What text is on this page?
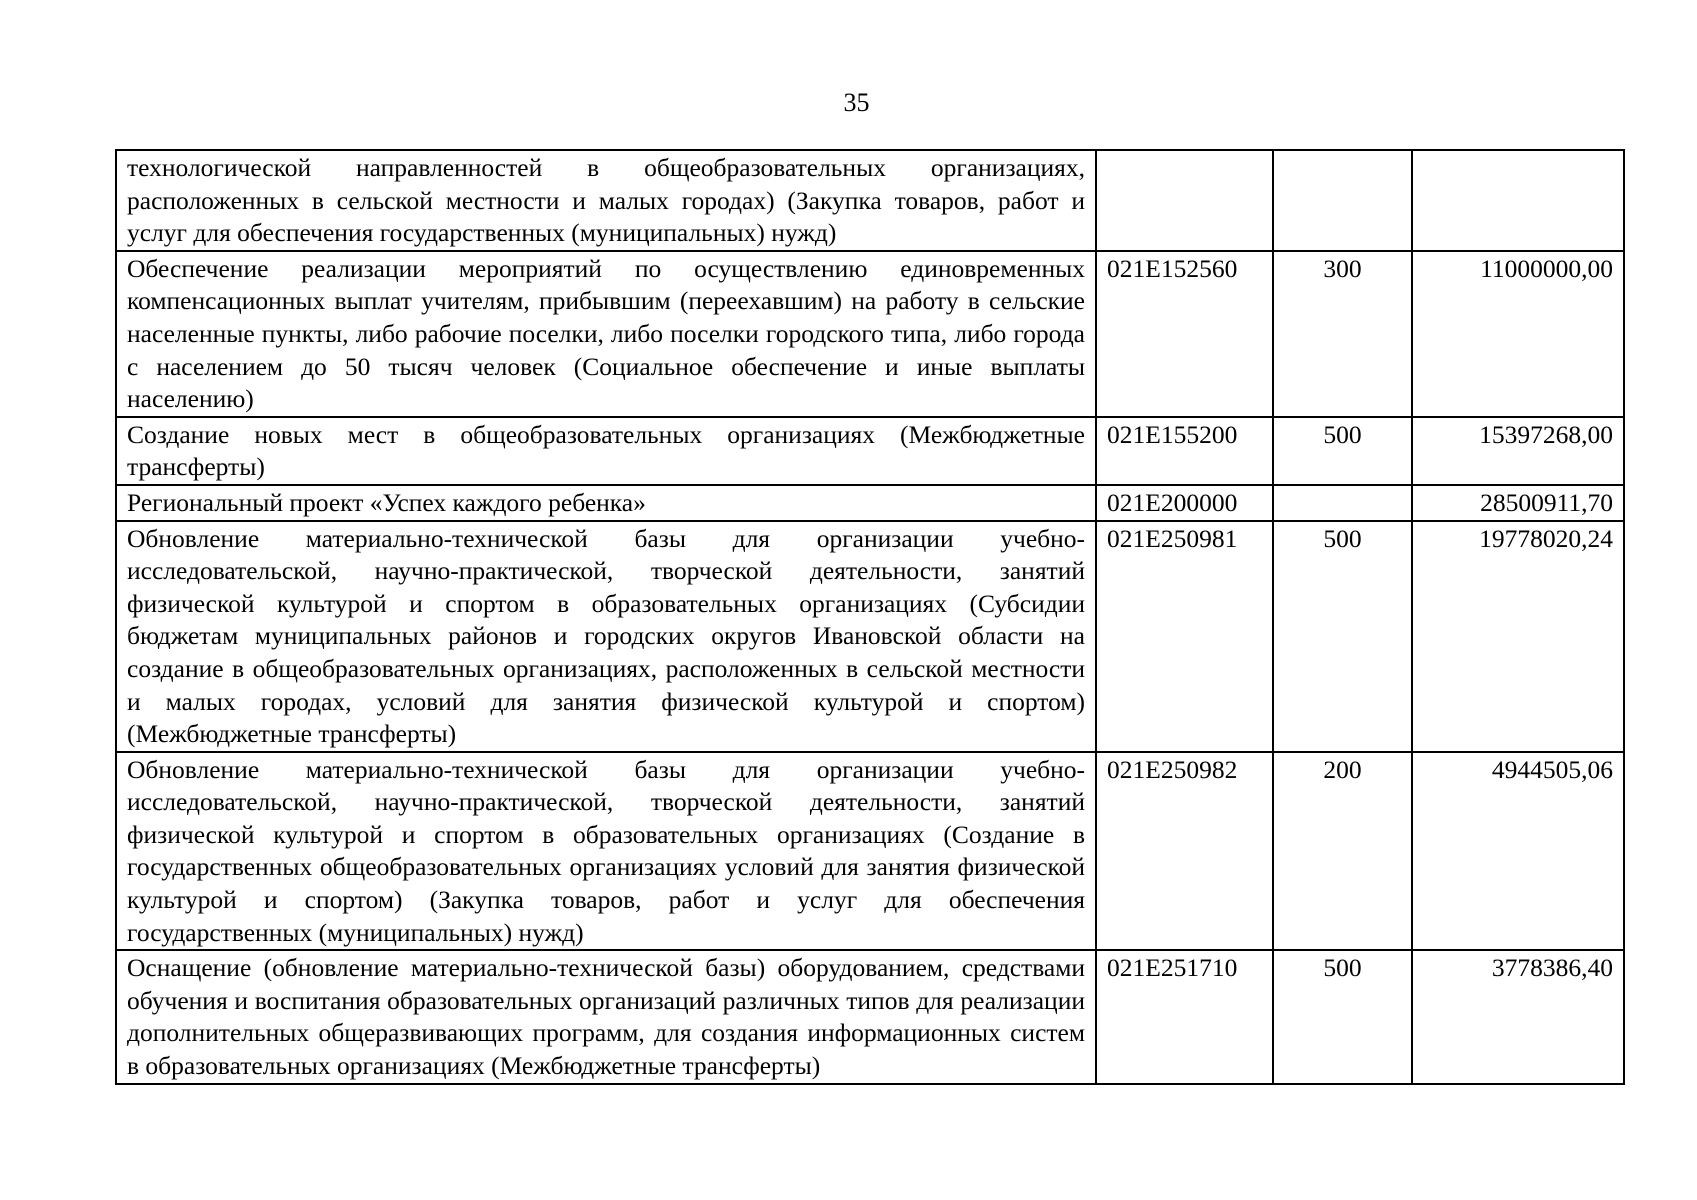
35
технологической направленностей в общеобразовательных организациях, расположенных в сельской местности и малых городах) (Закупка товаров, работ и услуг для обеспечения государственных (муниципальных) нужд)			
Обеспечение реализации мероприятий по осуществлению единовременных компенсационных выплат учителям, прибывшим (переехавшим) на работу в сельские населенные пункты, либо рабочие поселки, либо поселки городского типа, либо города с населением до 50 тысяч человек (Социальное обеспечение и иные выплаты населению)	021E152560	300	11000000,00
Создание новых мест в общеобразовательных организациях (Межбюджетные трансферты)	021E155200	500	15397268,00
Региональный проект «Успех каждого ребенка»	021E200000		28500911,70
Обновление материально-технической базы для организации учебно-исследовательской, научно-практической, творческой деятельности, занятий физической культурой и спортом в образовательных организациях (Субсидии бюджетам муниципальных районов и городских округов Ивановской области на создание в общеобразовательных организациях, расположенных в сельской местности и малых городах, условий для занятия физической культурой и спортом) (Межбюджетные трансферты)	021E250981	500	19778020,24
Обновление материально-технической базы для организации учебно-исследовательской, научно-практической, творческой деятельности, занятий физической культурой и спортом в образовательных организациях (Создание в государственных общеобразовательных организациях условий для занятия физической культурой и спортом) (Закупка товаров, работ и услуг для обеспечения государственных (муниципальных) нужд)	021E250982	200	4944505,06
Оснащение (обновление материально-технической базы) оборудованием, средствами обучения и воспитания образовательных организаций различных типов для реализации дополнительных общеразвивающих программ, для создания информационных систем в образовательных организациях (Межбюджетные трансферты)	021E251710	500	3778386,40
